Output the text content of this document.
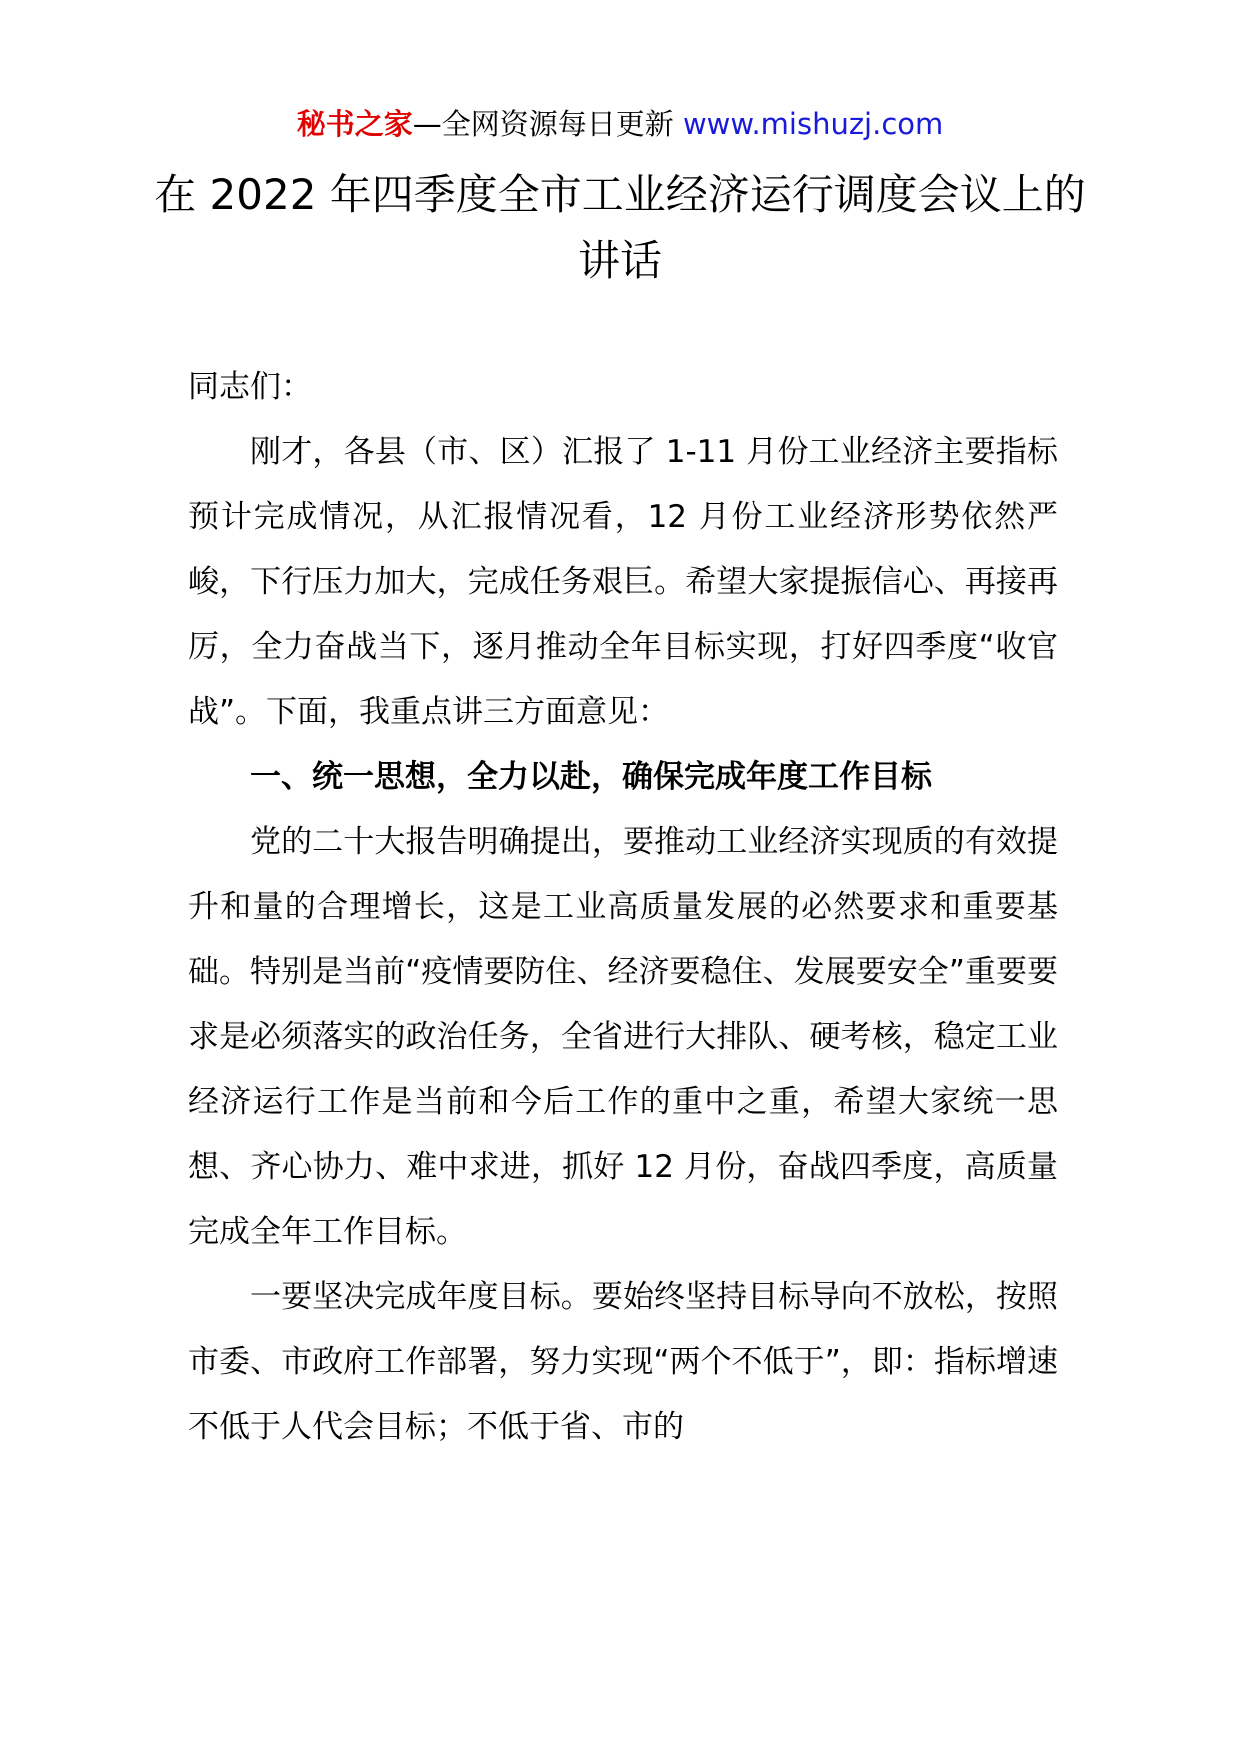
秘书之家—全网资源每日更新 www.mishuzj.com
在 2022 年四季度全市工业经济运行调度会议上的讲话

同志们：

刚才，各县（市、区）汇报了 1-11 月份工业经济主要指标预计完成情况，从汇报情况看，12 月份工业经济形势依然严峻，下行压力加大，完成任务艰巨。希望大家提振信心、再接再厉，全力奋战当下，逐月推动全年目标实现，打好四季度“收官战”。下面，我重点讲三方面意见：

一、统一思想，全力以赴，确保完成年度工作目标

党的二十大报告明确提出，要推动工业经济实现质的有效提升和量的合理增长，这是工业高质量发展的必然要求和重要基础。特别是当前“疫情要防住、经济要稳住、发展要安全”重要要求是必须落实的政治任务，全省进行大排队、硬考核，稳定工业经济运行工作是当前和今后工作的重中之重，希望大家统一思想、齐心协力、难中求进，抓好 12 月份，奋战四季度，高质量完成全年工作目标。

一要坚决完成年度目标。要始终坚持目标导向不放松，按照市委、市政府工作部署，努力实现“两个不低于”，即：指标增速不低于人代会目标；不低于省、市的
